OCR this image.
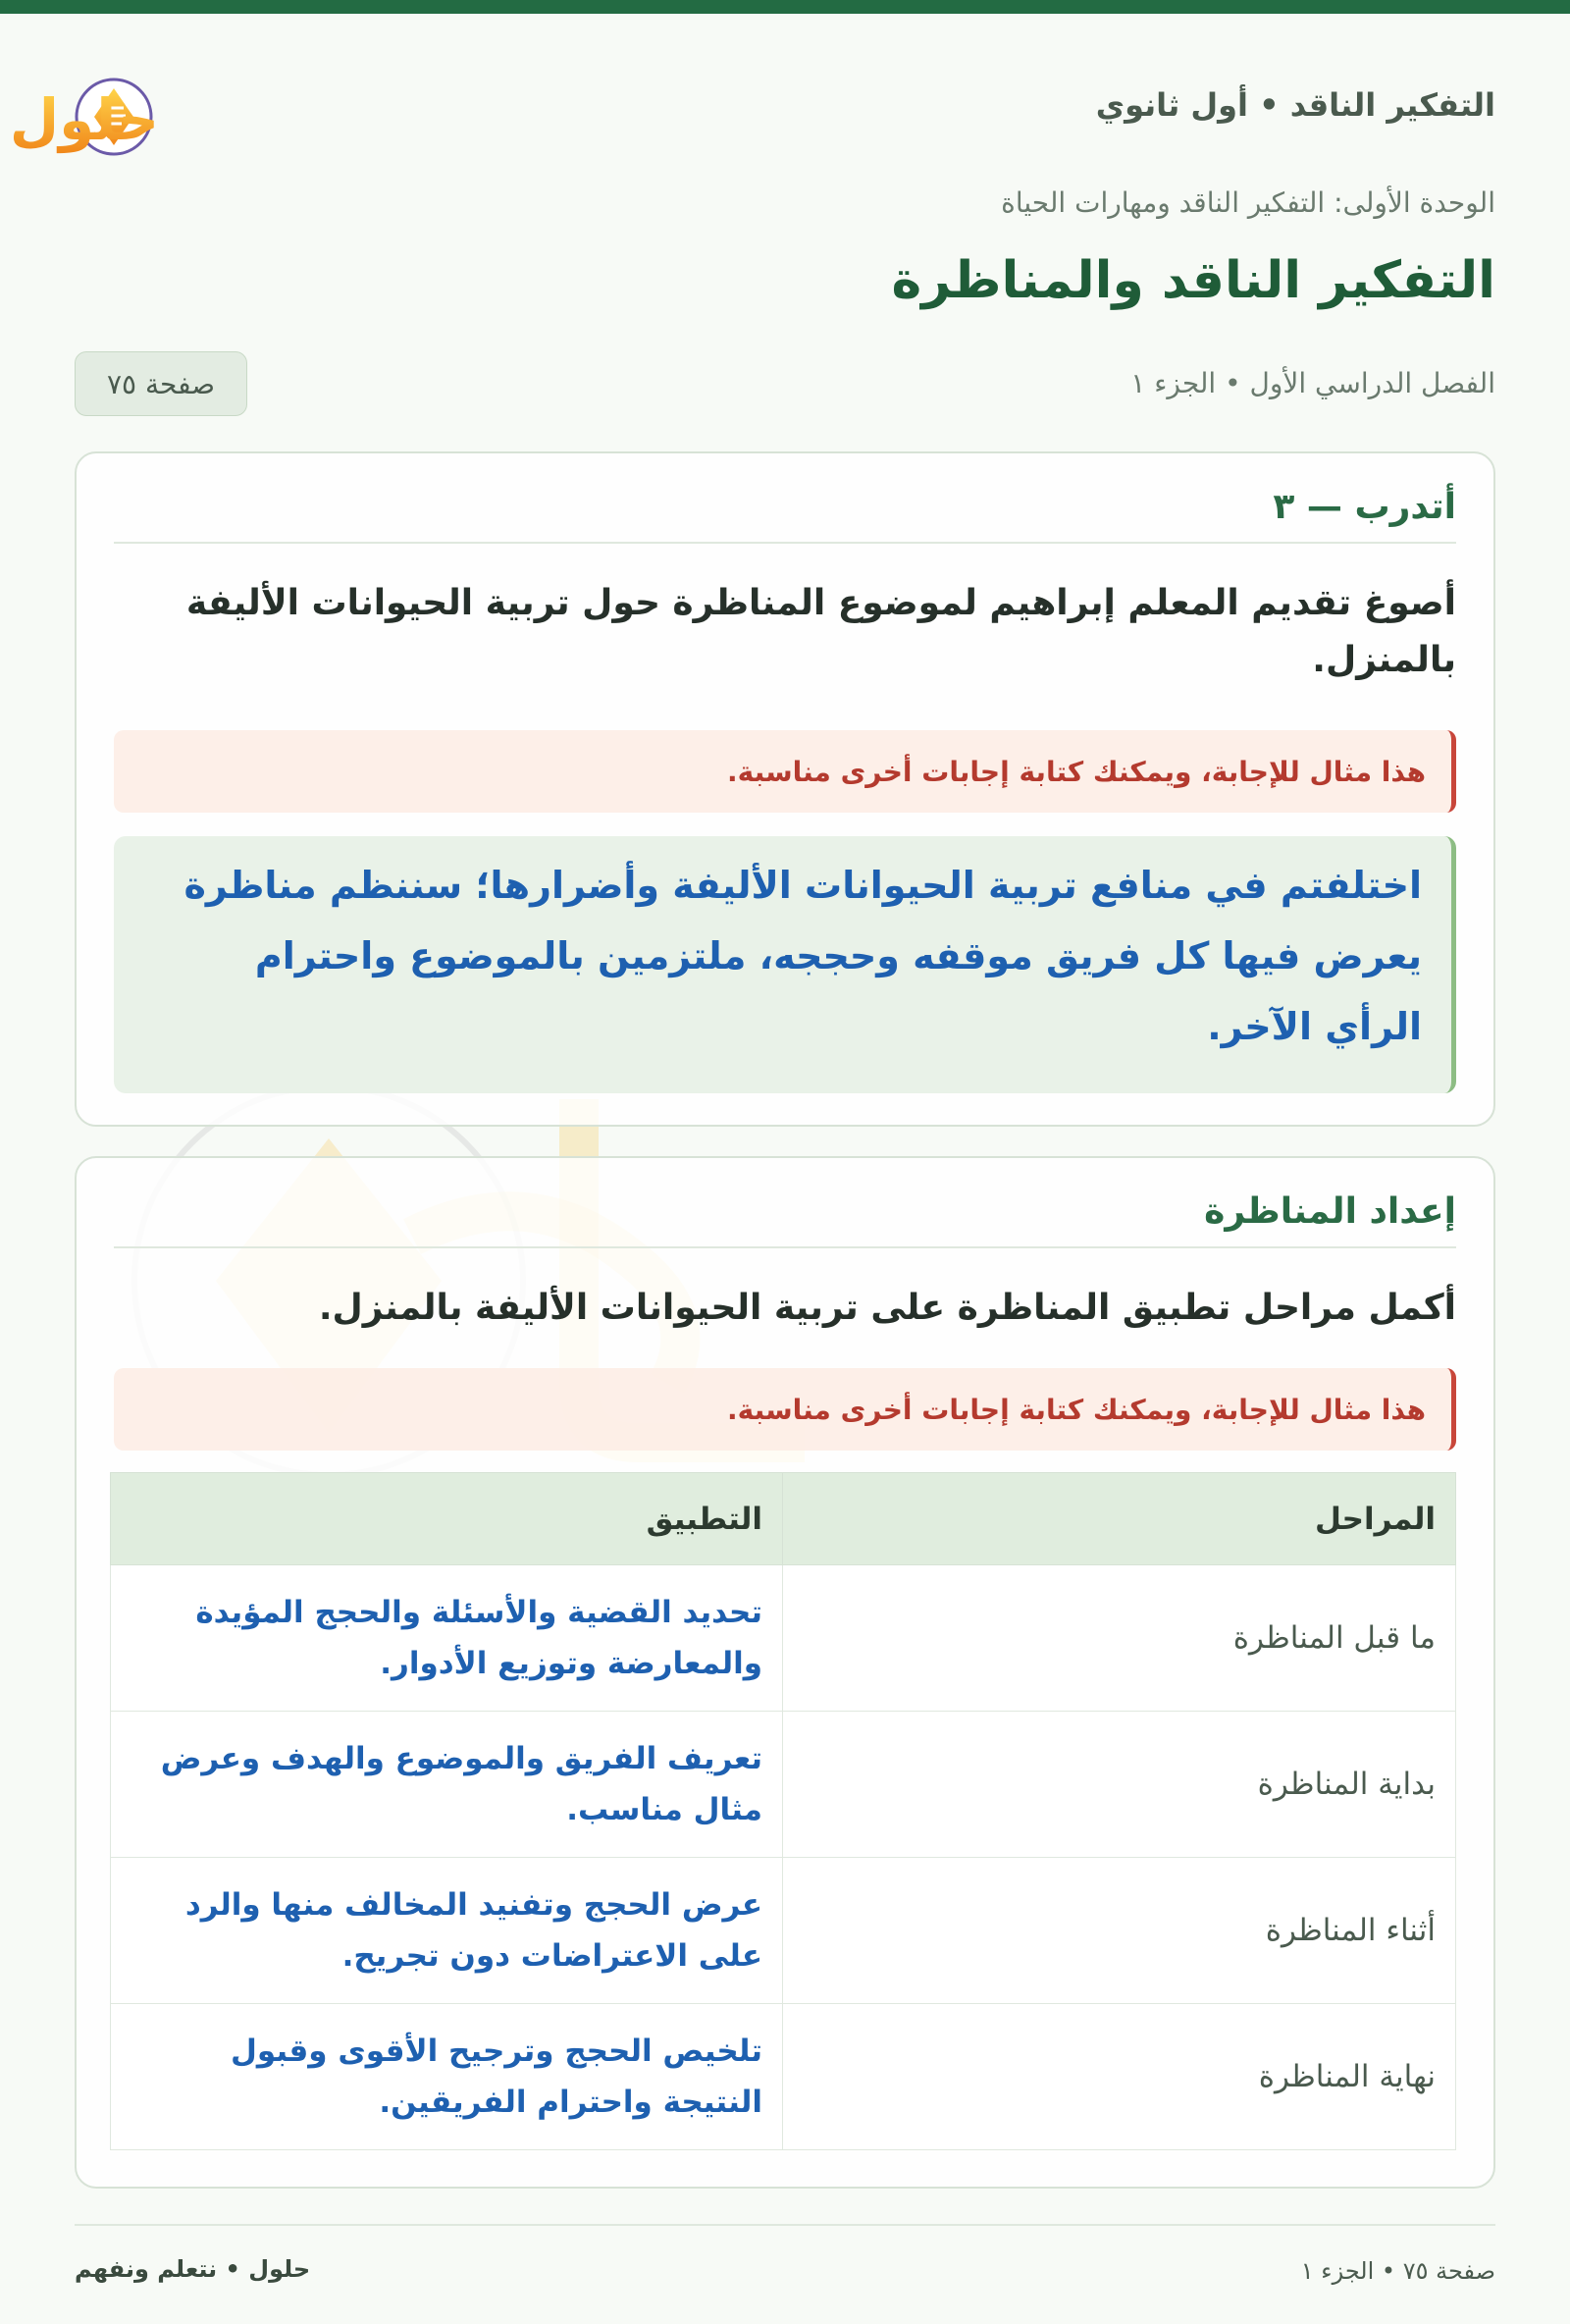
التفكير الناقد • أول ثانوي
حلول
الوحدة الأولى: التفكير الناقد ومهارات الحياة
التفكير الناقد والمناظرة
الفصل الدراسي الأول • الجزء ١
صفحة ٧٥
أتدرب — ٣
أصوغ تقديم المعلم إبراهيم لموضوع المناظرة حول تربية الحيوانات الأليفة
بالمنزل.
هذا مثال للإجابة، ويمكنك كتابة إجابات أخرى مناسبة.
اختلفتم في منافع تربية الحيوانات الأليفة وأضرارها؛ سننظم مناظرة
يعرض فيها كل فريق موقفه وحججه، ملتزمين بالموضوع واحترام
الرأي الآخر.
إعداد المناظرة
أكمل مراحل تطبيق المناظرة على تربية الحيوانات الأليفة بالمنزل.
هذا مثال للإجابة، ويمكنك كتابة إجابات أخرى مناسبة.
المراحل	التطبيق
ما قبل المناظرة	تحديد القضية والأسئلة والحجج المؤيدة
والمعارضة وتوزيع الأدوار.

بداية المناظرة	تعريف الفريق والموضوع والهدف وعرض
مثال مناسب.

أثناء المناظرة	عرض الحجج وتفنيد المخالف منها والرد
على الاعتراضات دون تجريح.

نهاية المناظرة	تلخيص الحجج وترجيح الأقوى وقبول
النتيجة واحترام الفريقين.
صفحة ٧٥ • الجزء ١
حلول • نتعلم ونفهم
